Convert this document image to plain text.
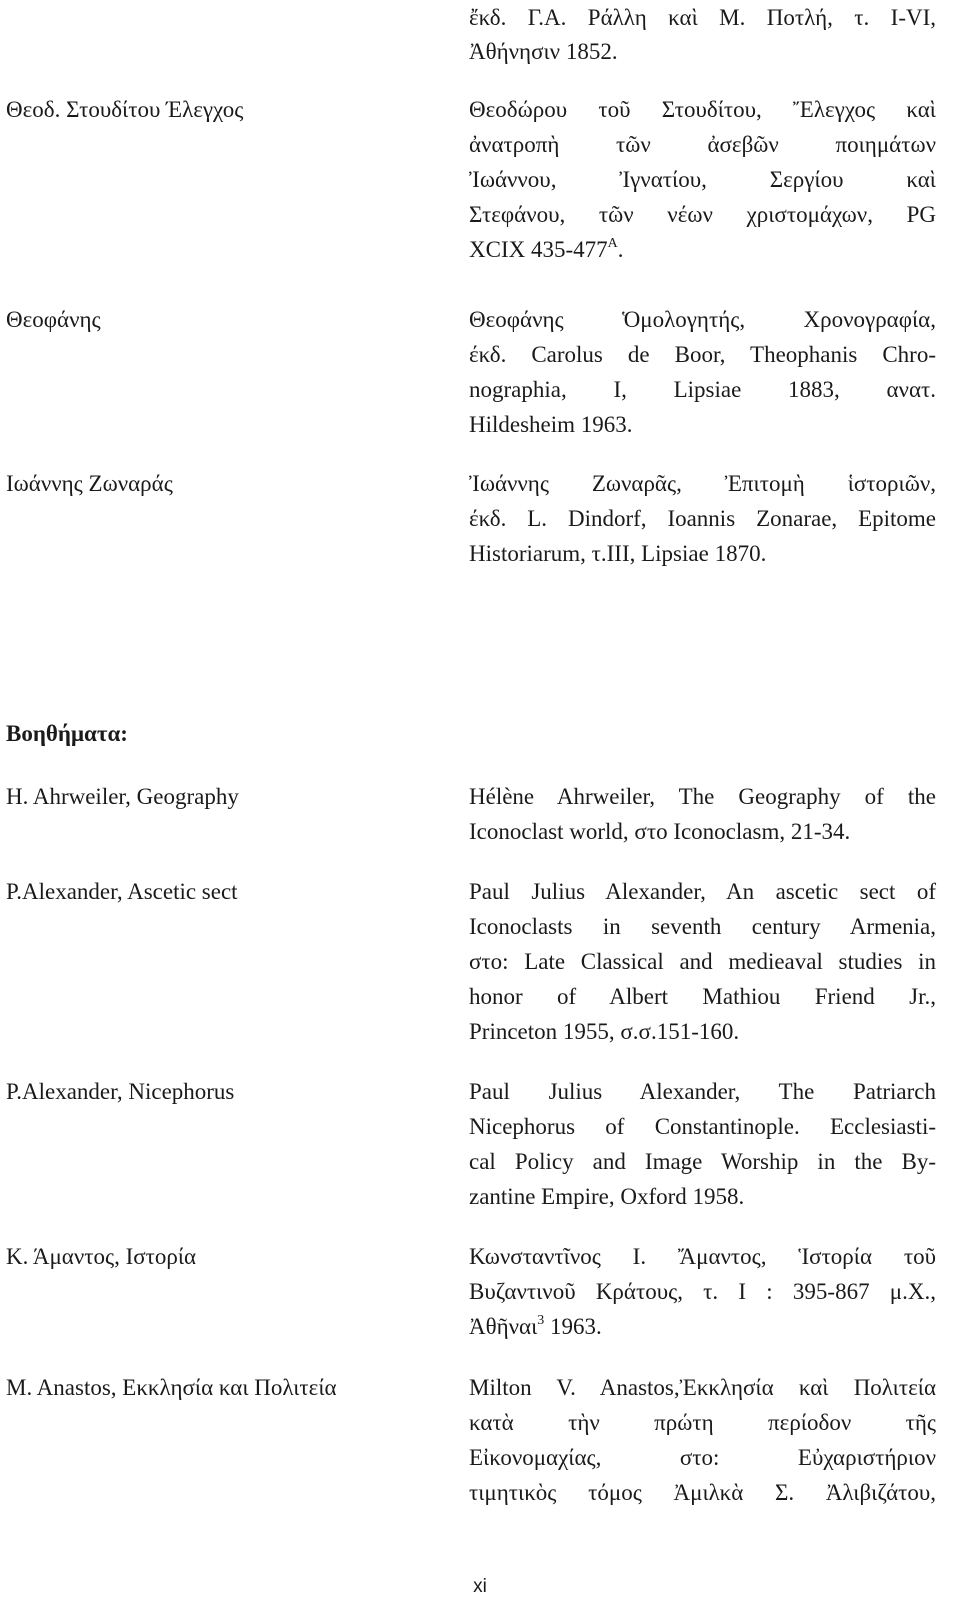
ἔκδ. Γ.Α. Ράλλη καὶ Μ. Ποτλή, τ. I-VI,
Ἀθήνησιν 1852.
Θεοδ. Στουδίτου Έλεγχος	Θεοδώρου τοῦ Στουδίτου, Ἔλεγχος καὶ
ἀνατροπὴ τῶν ἀσεβῶν ποιημάτων
Ἰωάννου, Ἰγνατίου, Σεργίου καὶ
Στεφάνου, τῶν νέων χριστομάχων, PG
XCIX $435-477^A$.
Θεοφάνης	Θεοφάνης Ὁμολογητής, Χρονογραφία,
έκδ. Carolus de Boor, Theophanis Chro-
nographia, I, Lipsiae 1883, ανατ.
Hildesheim 1963.
Ιωάννης Ζωναράς	Ἰωάννης Ζωναρᾶς, Ἐπιτομὴ ἱστοριῶν,
έκδ. L. Dindorf, Ioannis Zonarae, Epitome
Historiarum, τ.III, Lipsiae 1870.
Βοηθήματα:
H. Ahrweiler, Geography	Hélène Ahrweiler, The Geography of the
Iconoclast world, στο Iconoclasm, 21-34.
P.Alexander, Ascetic sect	Paul Julius Alexander, An ascetic sect of
Iconoclasts in seventh century Armenia,
στο: Late Classical and medieaval studies in
honor of Albert Mathiou Friend Jr.,
Princeton 1955, σ.σ.151-160.
P.Alexander, Nicephorus	Paul Julius Alexander, The Patriarch
Nicephorus of Constantinople. Ecclesiasti-
cal Policy and Image Worship in the By-
zantine Empire, Oxford 1958.
Κ. Άμαντος, Ιστορία	Κωνσταντῖνος Ι. Ἄμαντος, Ἱστορία τοῦ
Βυζαντινοῦ Κράτους, τ. Ι : 395-867 μ.Χ.,
Ἀθῆναι$^3$ 1963.
M. Anastos, Εκκλησία και Πολιτεία	Milton V. Anastos,Ἐκκλησία καὶ Πολιτεία
κατὰ τὴν πρώτη περίοδον τῆς
Εἰκονομαχίας, στο: Εὐχαριστήριον
τιμητικὸς τόμος Ἀμιλκὰ Σ. Ἀλιβιζάτου,
xi
